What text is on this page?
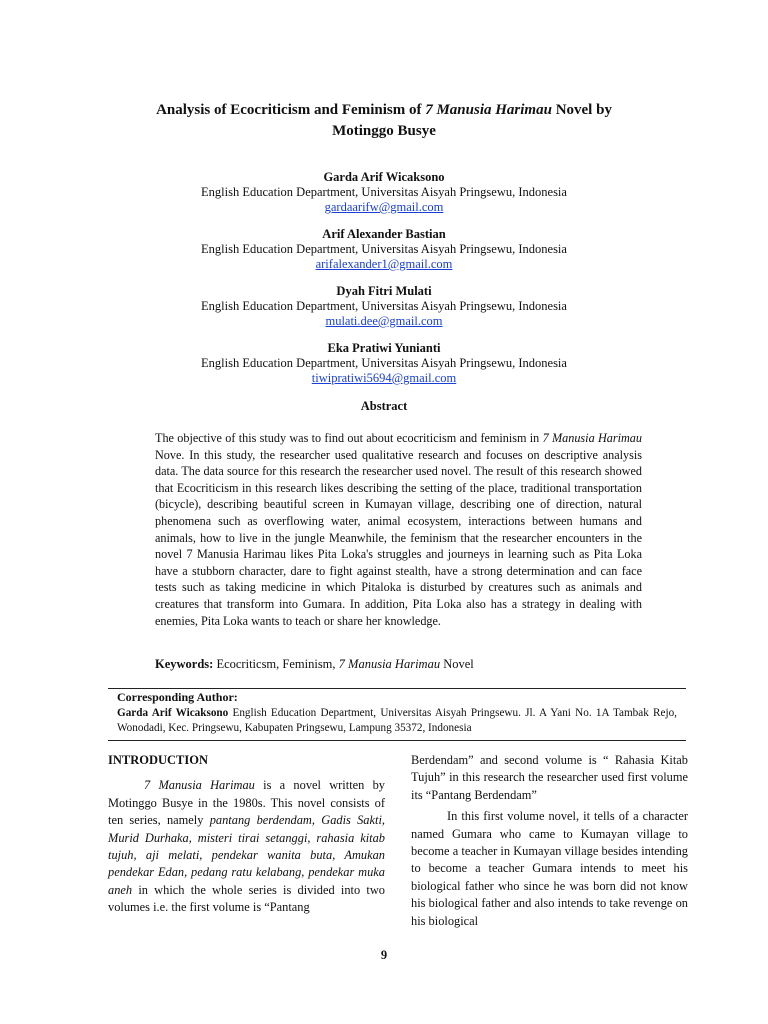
Analysis of Ecocriticism and Feminism of 7 Manusia Harimau Novel by
Motinggo Busye
Garda Arif Wicaksono
English Education Department, Universitas Aisyah Pringsewu, Indonesia
gardaarifw@gmail.com
Arif Alexander Bastian
English Education Department, Universitas Aisyah Pringsewu, Indonesia
arifalexander1@gmail.com
Dyah Fitri Mulati
English Education Department, Universitas Aisyah Pringsewu, Indonesia
mulati.dee@gmail.com
Eka Pratiwi Yunianti
English Education Department, Universitas Aisyah Pringsewu, Indonesia
tiwipratiwi5694@gmail.com
Abstract
The objective of this study was to find out about ecocriticism and feminism in 7 Manusia Harimau Nove. In this study, the researcher used qualitative research and focuses on descriptive analysis data. The data source for this research the researcher used novel. The result of this research showed that Ecocriticism in this research likes describing the setting of the place, traditional transportation (bicycle), describing beautiful screen in Kumayan village, describing one of direction, natural phenomena such as overflowing water, animal ecosystem, interactions between humans and animals, how to live in the jungle Meanwhile, the feminism that the researcher encounters in the novel 7 Manusia Harimau likes Pita Loka's struggles and journeys in learning such as Pita Loka have a stubborn character, dare to fight against stealth, have a strong determination and can face tests such as taking medicine in which Pitaloka is disturbed by creatures such as animals and creatures that transform into Gumara. In addition, Pita Loka also has a strategy in dealing with enemies, Pita Loka wants to teach or share her knowledge.
Keywords: Ecocriticsm, Feminism, 7 Manusia Harimau Novel
Corresponding Author:
Garda Arif Wicaksono English Education Department, Universitas Aisyah Pringsewu. Jl. A Yani No. 1A Tambak Rejo, Wonodadi, Kec. Pringsewu, Kabupaten Pringsewu, Lampung 35372, Indonesia
INTRODUCTION

7 Manusia Harimau is a novel written by Motinggo Busye in the 1980s. This novel consists of ten series, namely pantang berdendam, Gadis Sakti, Murid Durhaka, misteri tirai setanggi, rahasia kitab tujuh, aji melati, pendekar wanita buta, Amukan pendekar Edan, pedang ratu kelabang, pendekar muka aneh in which the whole series is divided into two volumes i.e. the first volume is “Pantang

Berdendam” and second volume is “ Rahasia Kitab Tujuh” in this research the researcher used first volume its “Pantang Berdendam”

In this first volume novel, it tells of a character named Gumara who came to Kumayan village to become a teacher in Kumayan village besides intending to become a teacher Gumara intends to meet his biological father who since he was born did not know his biological father and also intends to take revenge on his biological

9
